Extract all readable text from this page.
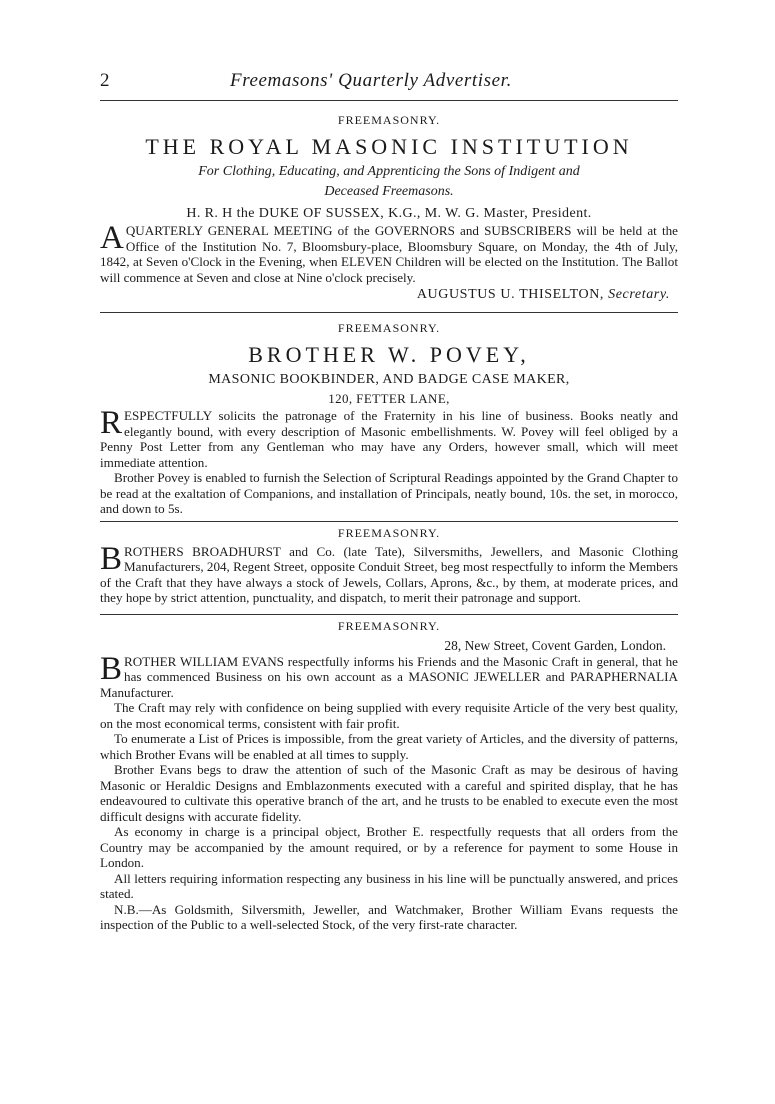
2	Freemasons' Quarterly Advertiser.

FREEMASONRY.

THE ROYAL MASONIC INSTITUTION
For Clothing, Educating, and Apprenticing the Sons of Indigent and
Deceased Freemasons.
H. R. H the DUKE OF SUSSEX, K.G., M. W. G. Master, President.
A QUARTERLY GENERAL MEETING of the GOVERNORS and SUBSCRIBERS will be held at the Office of the Institution No. 7, Bloomsbury-place, Bloomsbury Square, on Monday, the 4th of July, 1842, at Seven o'Clock in the Evening, when ELEVEN Children will be elected on the Institution. The Ballot will commence at Seven and close at Nine o'clock precisely.
AUGUSTUS U. THISELTON, Secretary.

FREEMASONRY.

BROTHER W. POVEY,
MASONIC BOOKBINDER, AND BADGE CASE MAKER,
120, FETTER LANE,

R ESPECTFULLY solicits the patronage of the Fraternity in his line of business. Books neatly and elegantly bound, with every description of Masonic embellishments. W. Povey will feel obliged by a Penny Post Letter from any Gentleman who may have any Orders, however small, which will meet immediate attention.

Brother Povey is enabled to furnish the Selection of Scriptural Readings appointed by the Grand Chapter to be read at the exaltation of Companions, and installation of Principals, neatly bound, 10s. the set, in morocco, and down to 5s.

FREEMASONRY.

B ROTHERS BROADHURST and Co. (late Tate), Silversmiths, Jewellers, and Masonic Clothing Manufacturers, 204, Regent Street, opposite Conduit Street, beg most respectfully to inform the Members of the Craft that they have always a stock of Jewels, Collars, Aprons, &c., by them, at moderate prices, and they hope by strict attention, punctuality, and dispatch, to merit their patronage and support.

FREEMASONRY.

28, New Street, Covent Garden, London.

B ROTHER WILLIAM EVANS respectfully informs his Friends and the Masonic Craft in general, that he has commenced Business on his own account as a MASONIC JEWELLER and PARAPHERNALIA Manufacturer.

The Craft may rely with confidence on being supplied with every requisite Article of the very best quality, on the most economical terms, consistent with fair profit.

To enumerate a List of Prices is impossible, from the great variety of Articles, and the diversity of patterns, which Brother Evans will be enabled at all times to supply.

Brother Evans begs to draw the attention of such of the Masonic Craft as may be desirous of having Masonic or Heraldic Designs and Emblazonments executed with a careful and spirited display, that he has endeavoured to cultivate this operative branch of the art, and he trusts to be enabled to execute even the most difficult designs with accurate fidelity.

As economy in charge is a principal object, Brother E. respectfully requests that all orders from the Country may be accompanied by the amount required, or by a reference for payment to some House in London.

All letters requiring information respecting any business in his line will be punctually answered, and prices stated.

N.B.—As Goldsmith, Silversmith, Jeweller, and Watchmaker, Brother William Evans requests the inspection of the Public to a well-selected Stock, of the very first-rate character.
